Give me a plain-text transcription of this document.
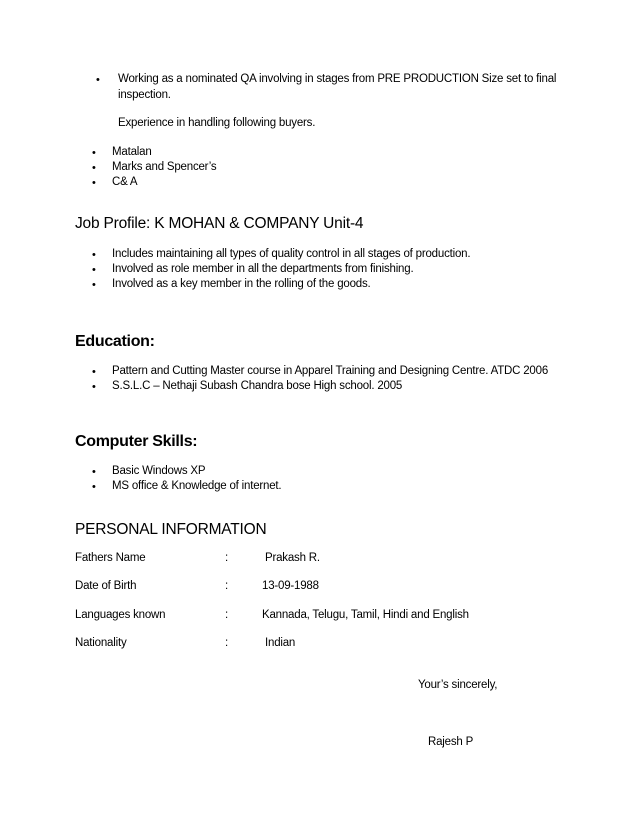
• Working as a nominated QA involving in stages from PRE PRODUCTION Size set to final
inspection.
Experience in handling following buyers.
• Matalan
• Marks and Spencer’s
• C& A
Job Profile: K MOHAN & COMPANY Unit-4
• Includes maintaining all types of quality control in all stages of production.
• Involved as role member in all the departments from finishing.
• Involved as a key member in the rolling of the goods.
Education:
• Pattern and Cutting Master course in Apparel Training and Designing Centre. ATDC 2006
• S.S.L.C – Nethaji Subash Chandra bose High school. 2005
Computer Skills:
• Basic Windows XP
• MS office & Knowledge of internet.
PERSONAL INFORMATION
Fathers Name	:	Prakash R.
Date of Birth	:	13-09-1988
Languages known	:	Kannada, Telugu, Tamil, Hindi and English
Nationality	:	Indian
Your’s sincerely,
Rajesh P
